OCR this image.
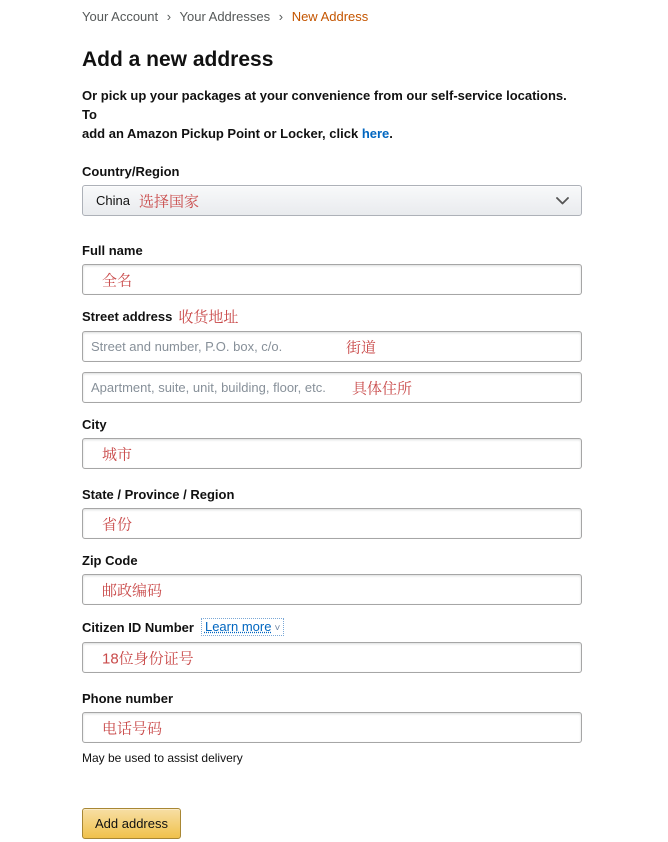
Your Account › Your Addresses › New Address
Add a new address

Or pick up your packages at your convenience from our self-service locations. To
add an Amazon Pickup Point or Locker, click here.

Country/Region
China
选择国家
Full name
全名
Street address 收货地址
Street and number, P.O. box, c/o.
街道
Apartment, suite, unit, building, floor, etc.
具体住所
City
城市
State / Province / Region
省份
Zip Code
邮政编码
Citizen ID Number Learn more ˅
18位身份证号
Phone number
电话号码
May be used to assist delivery
Add address
